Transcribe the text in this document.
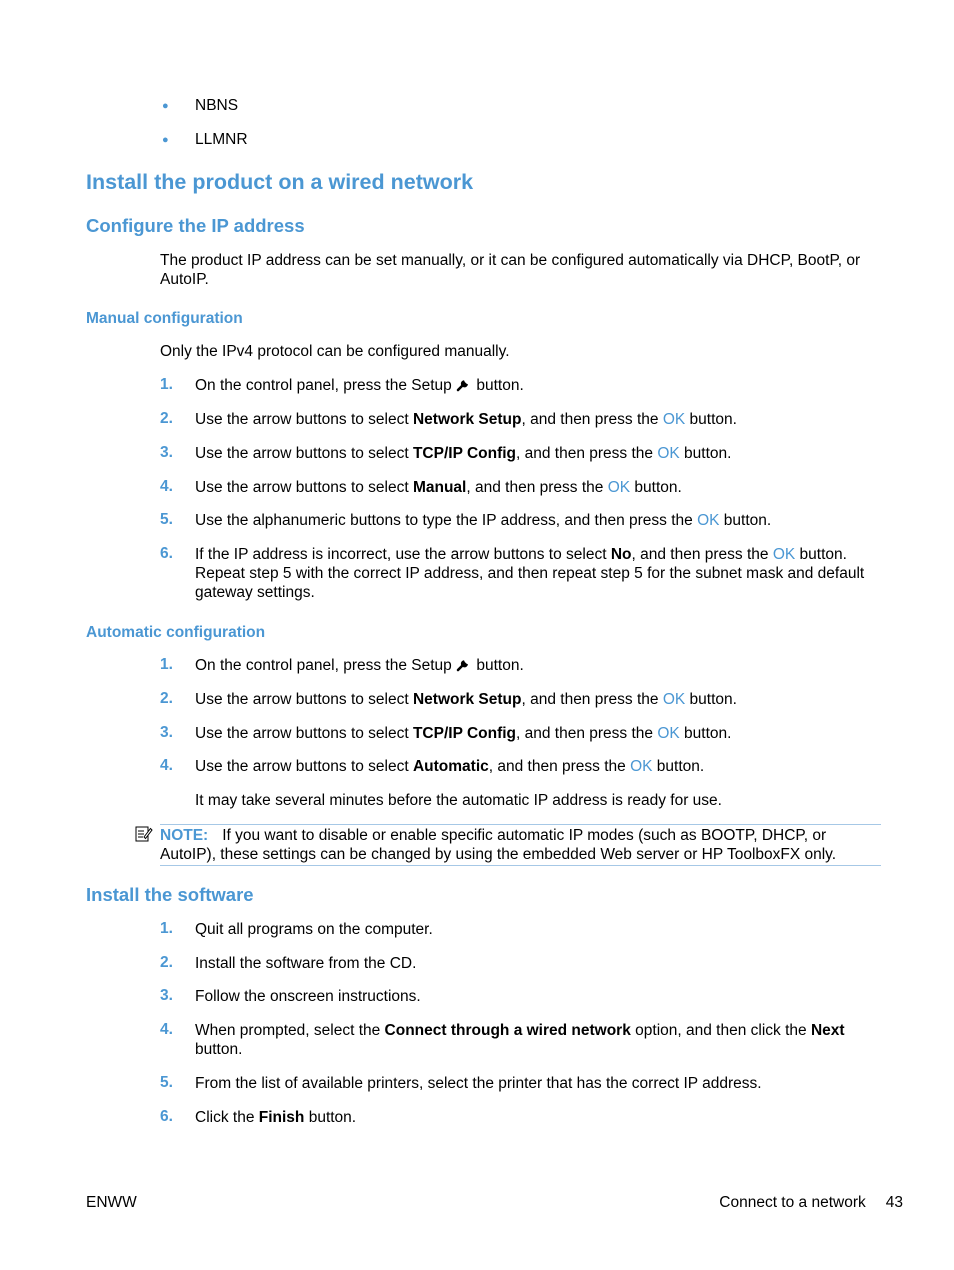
● NBNS
● LLMNR
Install the product on a wired network
Configure the IP address
The product IP address can be set manually, or it can be configured automatically via DHCP, BootP, or AutoIP.
Manual configuration
Only the IPv4 protocol can be configured manually.
1. On the control panel, press the Setup  button.
2. Use the arrow buttons to select Network Setup, and then press the OK button.
3. Use the arrow buttons to select TCP/IP Config, and then press the OK button.
4. Use the arrow buttons to select Manual, and then press the OK button.
5. Use the alphanumeric buttons to type the IP address, and then press the OK button.
6. If the IP address is incorrect, use the arrow buttons to select No, and then press the OK button.
Repeat step 5 with the correct IP address, and then repeat step 5 for the subnet mask and default
gateway settings.
Automatic configuration
1. On the control panel, press the Setup  button.
2. Use the arrow buttons to select Network Setup, and then press the OK button.
3. Use the arrow buttons to select TCP/IP Config, and then press the OK button.
4. Use the arrow buttons to select Automatic, and then press the OK button.
It may take several minutes before the automatic IP address is ready for use.
NOTE: If you want to disable or enable specific automatic IP modes (such as BOOTP, DHCP, or AutoIP), these settings can be changed by using the embedded Web server or HP ToolboxFX only.
Install the software
1. Quit all programs on the computer.
2. Install the software from the CD.
3. Follow the onscreen instructions.
4. When prompted, select the Connect through a wired network option, and then click the Next
button.
5. From the list of available printers, select the printer that has the correct IP address.
6. Click the Finish button.
ENWW	Connect to a network 43
